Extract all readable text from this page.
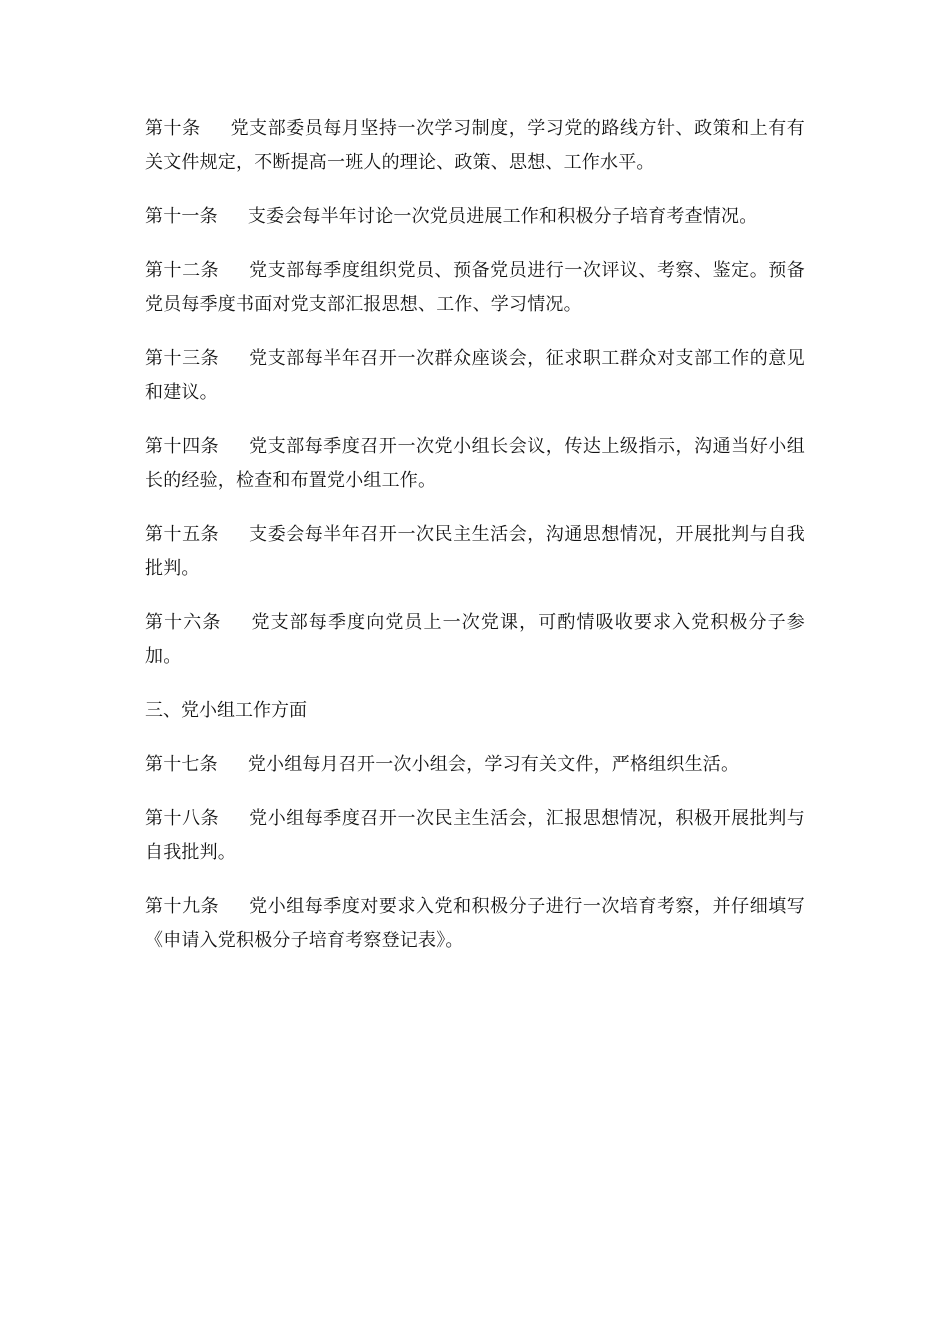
第十条 党支部委员每月坚持一次学习制度，学习党的路线方针、政策和上有有关文件规定，不断提高一班人的理论、政策、思想、工作水平。

第十一条 支委会每半年讨论一次党员进展工作和积极分子培育考查情况。

第十二条 党支部每季度组织党员、预备党员进行一次评议、考察、鉴定。预备党员每季度书面对党支部汇报思想、工作、学习情况。

第十三条 党支部每半年召开一次群众座谈会，征求职工群众对支部工作的意见和建议。

第十四条 党支部每季度召开一次党小组长会议，传达上级指示，沟通当好小组长的经验，检查和布置党小组工作。

第十五条 支委会每半年召开一次民主生活会，沟通思想情况，开展批判与自我批判。

第十六条 党支部每季度向党员上一次党课，可酌情吸收要求入党积极分子参加。

三、党小组工作方面

第十七条 党小组每月召开一次小组会，学习有关文件，严格组织生活。

第十八条 党小组每季度召开一次民主生活会，汇报思想情况，积极开展批判与自我批判。

第十九条 党小组每季度对要求入党和积极分子进行一次培育考察，并仔细填写《申请入党积极分子培育考察登记表》。
